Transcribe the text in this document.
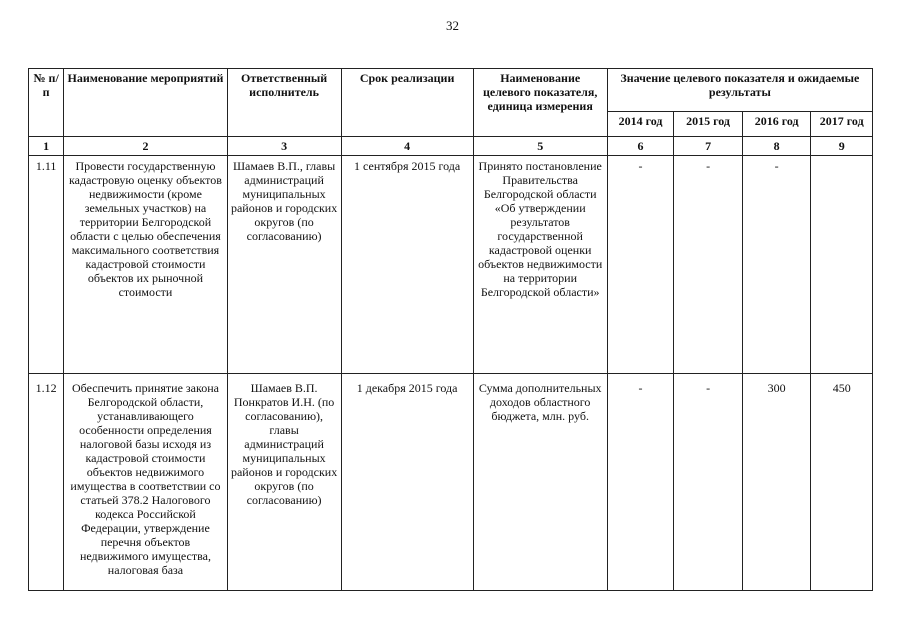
32
№ п/п	Наименование мероприятий	Ответственный исполнитель	Срок реализации	Наименование целевого показателя, единица измерения	Значение целевого показателя и ожидаемые результаты			
					2014 год	2015 год	2016 год	2017 год
1	2	3	4	5	6	7	8	9
1.11	Провести государственную кадастровую оценку объектов недвижимости (кроме земельных участков) на территории Белгородской области с целью обеспечения максимального соответствия кадастровой стоимости объектов их рыночной стоимости	Шамаев В.П., главы администраций муниципальных районов и городских округов (по согласованию)	1 сентября 2015 года	Принято постановление Правительства Белгородской области «Об утверждении результатов государственной кадастровой оценки объектов недвижимости на территории Белгородской области»	-	-	-	
1.12	Обеспечить принятие закона Белгородской области, устанавливающего особенности определения налоговой базы исходя из кадастровой стоимости объектов недвижимого имущества в соответствии со статьей 378.2 Налогового кодекса Российской Федерации, утверждение перечня объектов недвижимого имущества, налоговая база	Шамаев В.П. Понкратов И.Н. (по согласованию), главы администраций муниципальных районов и городских округов (по согласованию)	1 декабря 2015 года	Сумма дополнительных доходов областного бюджета, млн. руб.	-	-	300	450
